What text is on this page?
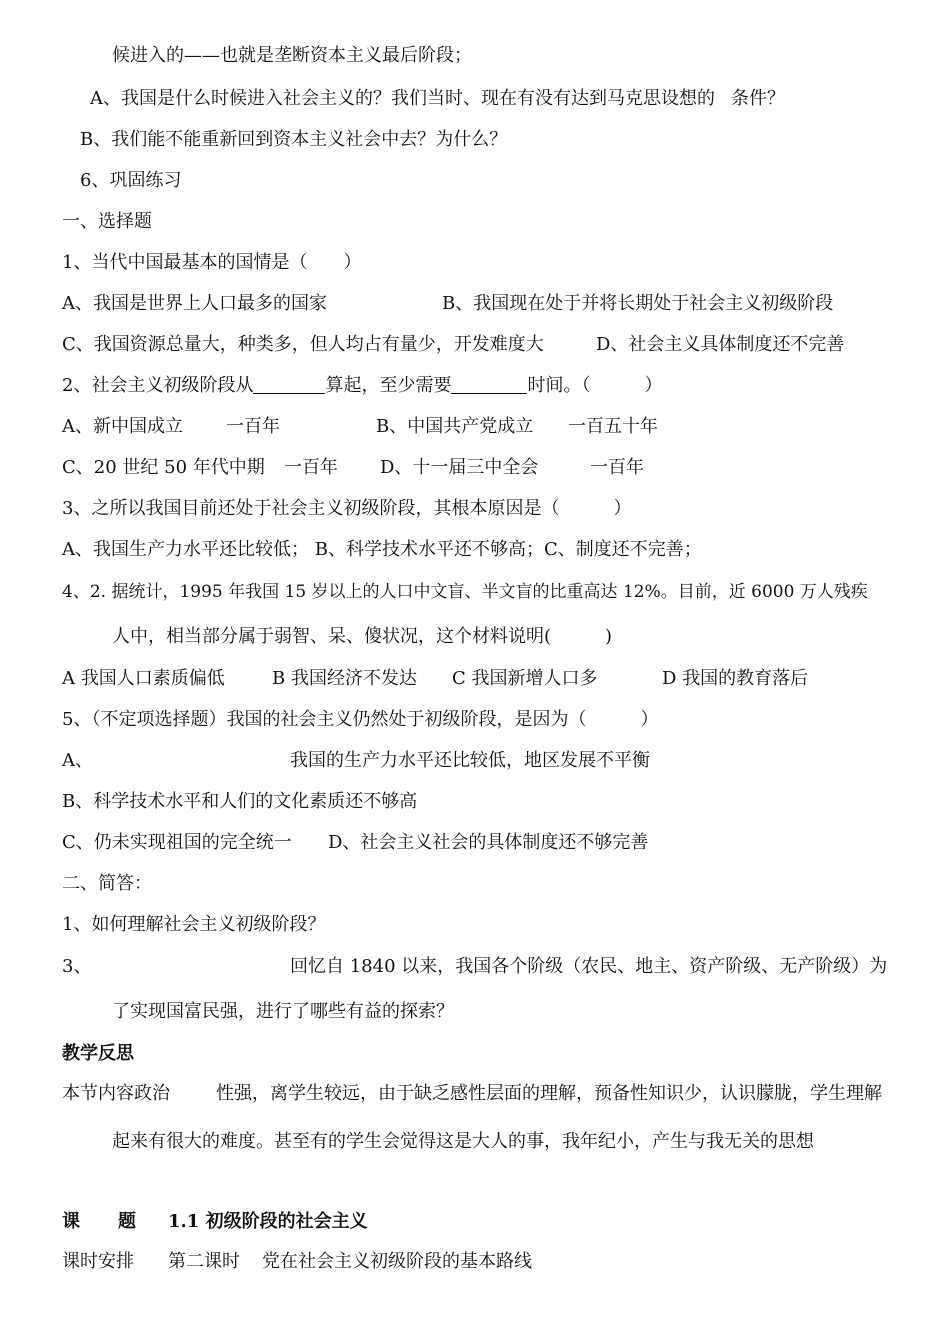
候进入的——也就是垄断资本主义最后阶段；
A、我国是什么时候进入社会主义的？我们当时、现在有没有达到马克思设想的 条件？
B、我们能不能重新回到资本主义社会中去？为什么？
6、巩固练习
一、选择题
1、当代中国最基本的国情是（　　）
A、我国是世界上人口最多的国家	B、我国现在处于并将长期处于社会主义初级阶段
C、我国资源总量大，种类多，但人均占有量少，开发难度大	D、社会主义具体制度还不完善
2、社会主义初级阶段从	算起，至少需要	时间。（　　　）
A、新中国成立 一百年	B、中国共产党成立 一百五十年
C、20 世纪 50 年代中期 一百年 D、十一届三中全会	一百年
3、之所以我国目前还处于社会主义初级阶段，其根本原因是（　　　）
A、我国生产力水平还比较低； B、科学技术水平还不够高；C、制度还不完善；
4、2. 据统计，1995 年我国 15 岁以上的人口中文盲、半文盲的比重高达 12%。目前，近 6000 万人残疾
人中，相当部分属于弱智、呆、傻状况，这个材料说明(　　　)
A 我国人口素质偏低	B 我国经济不发达 C 我国新增人口多	D 我国的教育落后
5、（不定项选择题）我国的社会主义仍然处于初级阶段，是因为（　　　）
A、	我国的生产力水平还比较低，地区发展不平衡
B、科学技术水平和人们的文化素质还不够高
C、仍未实现祖国的完全统一 D、社会主义社会的具体制度还不够完善
二、简答：
1、如何理解社会主义初级阶段？
3、	回忆自 1840 以来，我国各个阶级（农民、地主、资产阶级、无产阶级）为
了实现国富民强，进行了哪些有益的探索？
教学反思
本节内容政治	性强，离学生较远，由于缺乏感性层面的理解，预备性知识少，认识朦胧，学生理解
起来有很大的难度。甚至有的学生会觉得这是大人的事，我年纪小，产生与我无关的思想
课 题 1.1 初级阶段的社会主义
课时安排 第二课时 党在社会主义初级阶段的基本路线
